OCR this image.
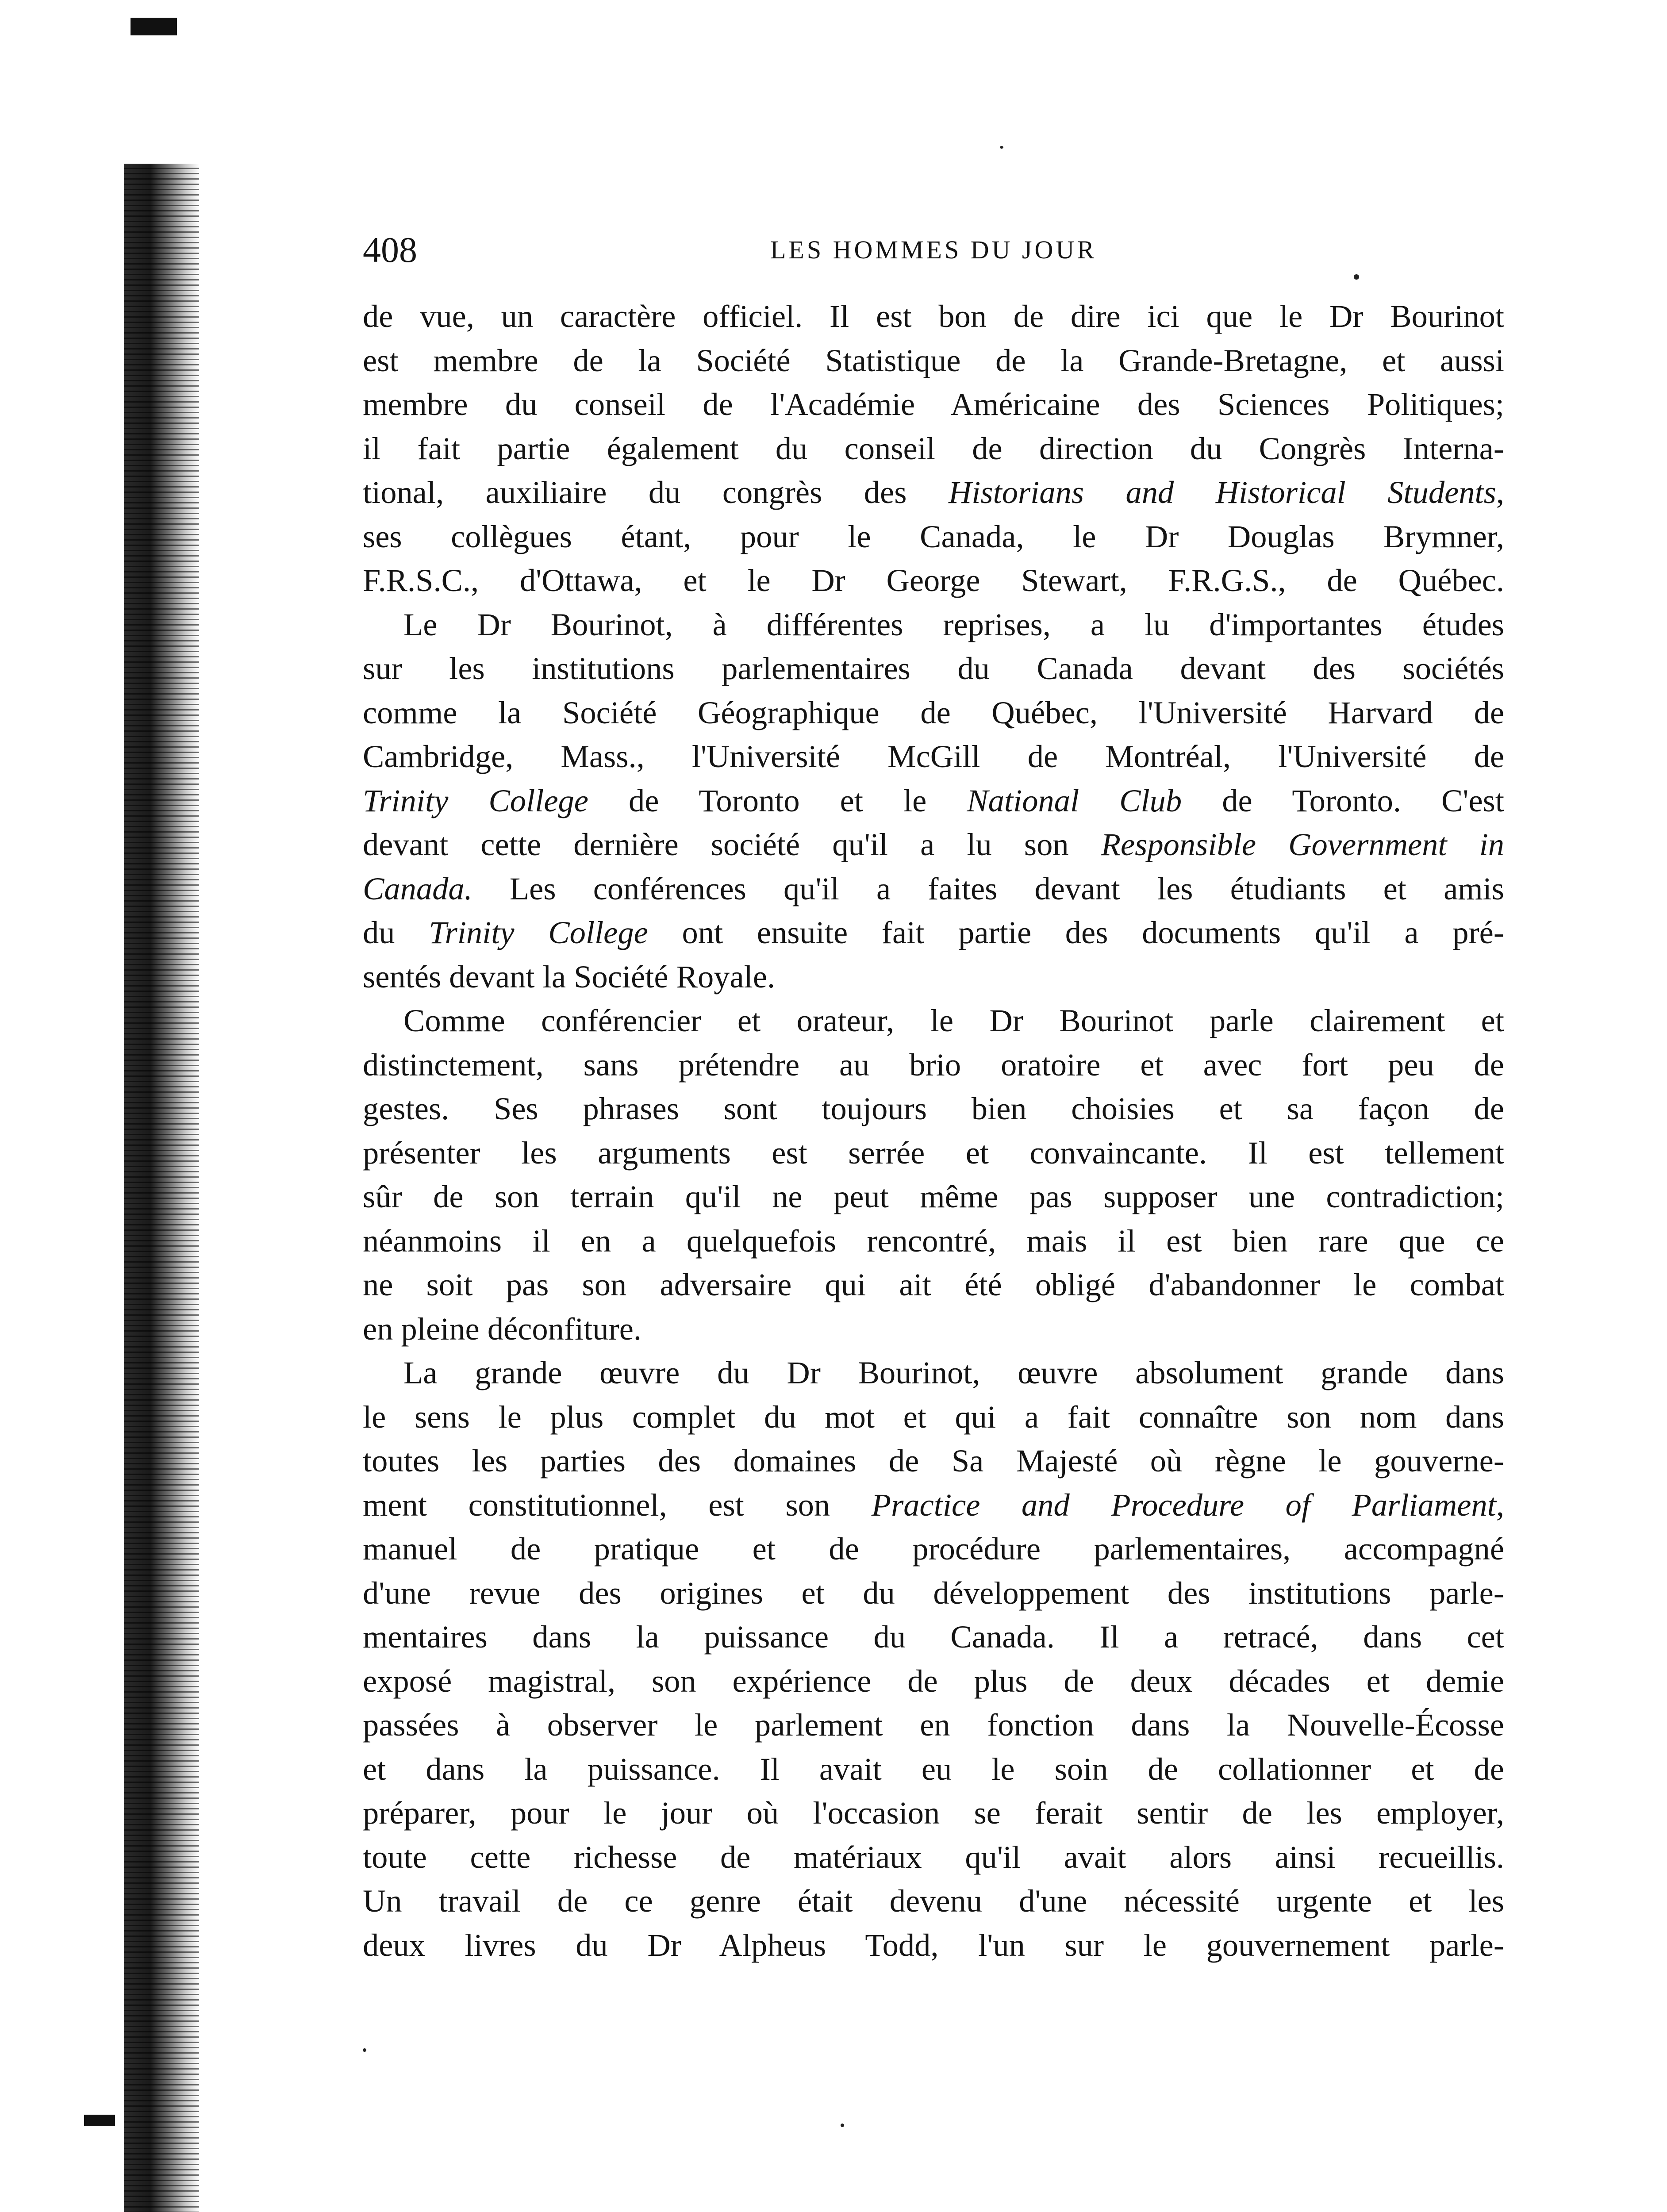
408	LES HOMMES DU JOUR
de vue, un caractère officiel. Il est bon de dire ici que le Dr Bourinot
est membre de la Société Statistique de la Grande-Bretagne, et aussi
membre du conseil de l'Académie Américaine des Sciences Politiques;
il fait partie également du conseil de direction du Congrès Interna-
tional, auxiliaire du congrès des Historians and Historical Students,
ses collègues étant, pour le Canada, le Dr Douglas Brymner,
F.R.S.C., d'Ottawa, et le Dr George Stewart, F.R.G.S., de Québec.
Le Dr Bourinot, à différentes reprises, a lu d'importantes études
sur les institutions parlementaires du Canada devant des sociétés
comme la Société Géographique de Québec, l'Université Harvard de
Cambridge, Mass., l'Université McGill de Montréal, l'Université de
Trinity College de Toronto et le National Club de Toronto. C'est
devant cette dernière société qu'il a lu son Responsible Government in
Canada. Les conférences qu'il a faites devant les étudiants et amis
du Trinity College ont ensuite fait partie des documents qu'il a pré-
sentés devant la Société Royale.
Comme conférencier et orateur, le Dr Bourinot parle clairement et
distinctement, sans prétendre au brio oratoire et avec fort peu de
gestes. Ses phrases sont toujours bien choisies et sa façon de
présenter les arguments est serrée et convaincante. Il est tellement
sûr de son terrain qu'il ne peut même pas supposer une contradiction;
néanmoins il en a quelquefois rencontré, mais il est bien rare que ce
ne soit pas son adversaire qui ait été obligé d'abandonner le combat
en pleine déconfiture.
La grande œuvre du Dr Bourinot, œuvre absolument grande dans
le sens le plus complet du mot et qui a fait connaître son nom dans
toutes les parties des domaines de Sa Majesté où règne le gouverne-
ment constitutionnel, est son Practice and Procedure of Parliament,
manuel de pratique et de procédure parlementaires, accompagné
d'une revue des origines et du développement des institutions parle-
mentaires dans la puissance du Canada. Il a retracé, dans cet
exposé magistral, son expérience de plus de deux décades et demie
passées à observer le parlement en fonction dans la Nouvelle-Écosse
et dans la puissance. Il avait eu le soin de collationner et de
préparer, pour le jour où l'occasion se ferait sentir de les employer,
toute cette richesse de matériaux qu'il avait alors ainsi recueillis.
Un travail de ce genre était devenu d'une nécessité urgente et les
deux livres du Dr Alpheus Todd, l'un sur le gouvernement parle-
